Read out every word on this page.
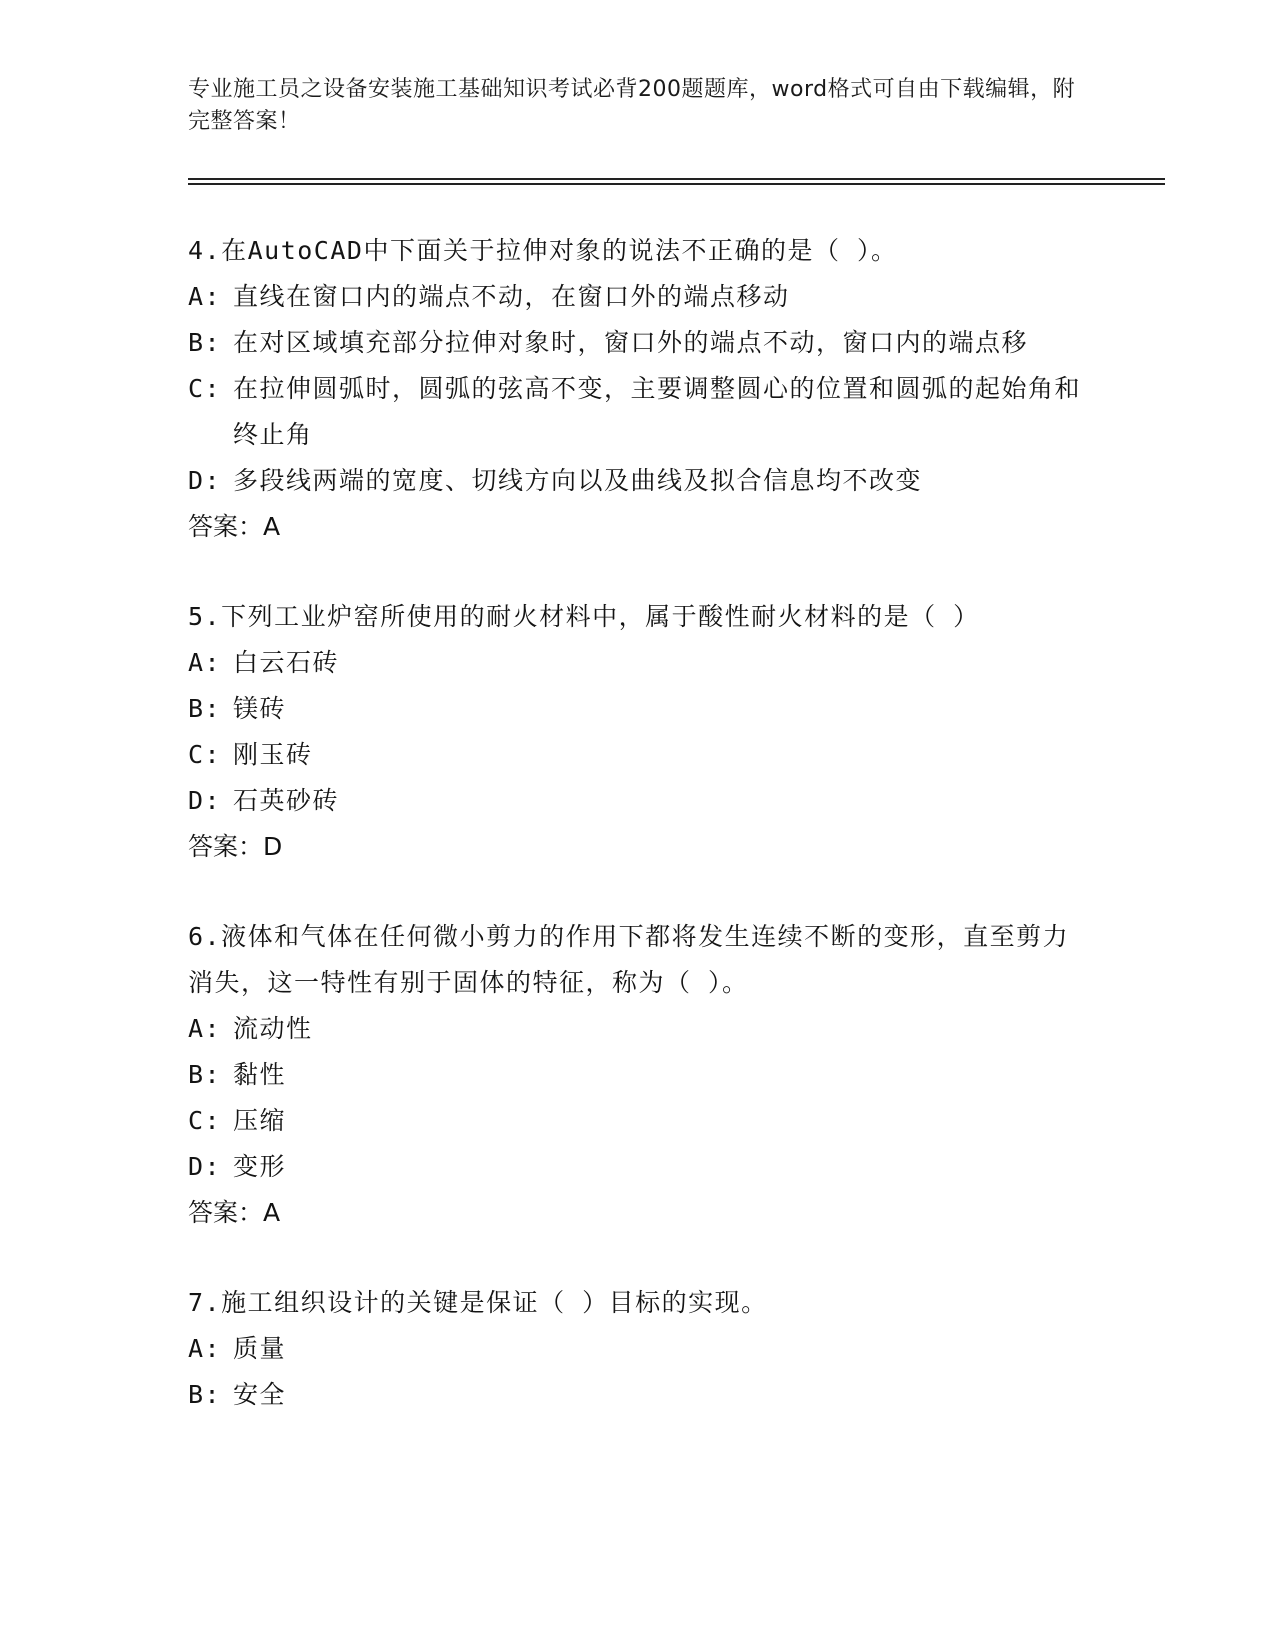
专业施工员之设备安装施工基础知识考试必背200题题库，word格式可自由下载编辑，附完整答案！
4.在AutoCAD中下面关于拉伸对象的说法不正确的是（ ）。
A: 直线在窗口内的端点不动，在窗口外的端点移动
B: 在对区域填充部分拉伸对象时，窗口外的端点不动，窗口内的端点移
C: 在拉伸圆弧时，圆弧的弦高不变，主要调整圆心的位置和圆弧的起始角和终止角
D: 多段线两端的宽度、切线方向以及曲线及拟合信息均不改变
答案：A
5.下列工业炉窑所使用的耐火材料中，属于酸性耐火材料的是（ ）
A: 白云石砖
B: 镁砖
C: 刚玉砖
D: 石英砂砖
答案：D
6.液体和气体在任何微小剪力的作用下都将发生连续不断的变形，直至剪力消失，这一特性有别于固体的特征，称为（ ）。
A: 流动性
B: 黏性
C: 压缩
D: 变形
答案：A
7.施工组织设计的关键是保证（ ）目标的实现。
A: 质量
B: 安全
